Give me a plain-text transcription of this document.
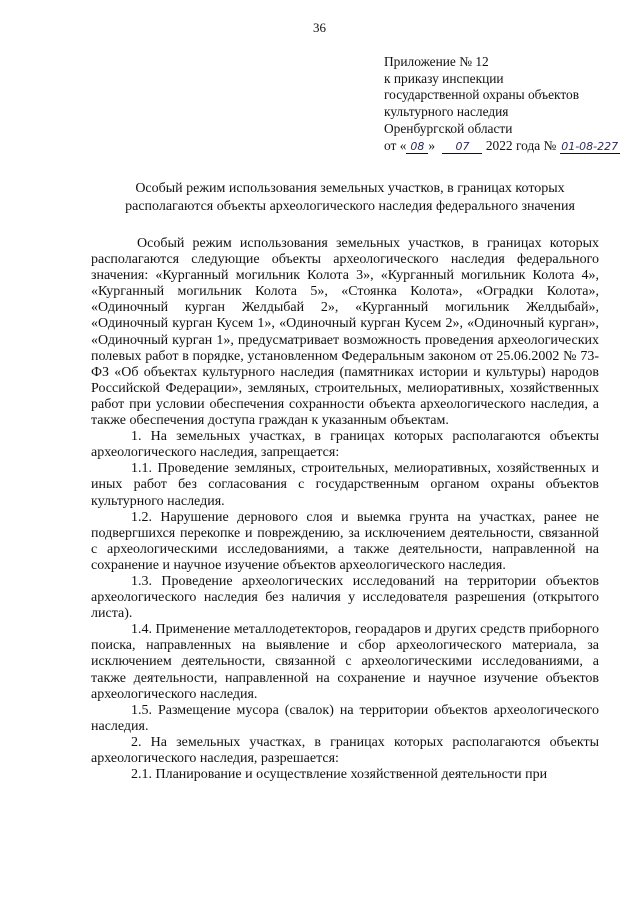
36
Приложение № 12
к приказу инспекции
государственной охраны объектов
культурного наследия
Оренбургской области
от « 08 » 07 2022 года № 01-08-227
Особый режим использования земельных участков, в границах которых располагаются объекты археологического наследия федерального значения

Особый режим использования земельных участков, в границах которых располагаются следующие объекты археологического наследия федерального значения: «Курганный могильник Колота 3», «Курганный могильник Колота 4», «Курганный могильник Колота 5», «Стоянка Колота», «Оградки Колота», «Одиночный курган Желдыбай 2», «Курганный могильник Желдыбай», «Одиночный курган Кусем 1», «Одиночный курган Кусем 2», «Одиночный курган», «Одиночный курган 1», предусматривает возможность проведения археологических полевых работ в порядке, установленном Федеральным законом от 25.06.2002 № 73-ФЗ «Об объектах культурного наследия (памятниках истории и культуры) народов Российской Федерации», земляных, строительных, мелиоративных, хозяйственных работ при условии обеспечения сохранности объекта археологического наследия, а также обеспечения доступа граждан к указанным объектам.

1. На земельных участках, в границах которых располагаются объекты археологического наследия, запрещается:

1.1. Проведение земляных, строительных, мелиоративных, хозяйственных и иных работ без согласования с государственным органом охраны объектов культурного наследия.

1.2. Нарушение дернового слоя и выемка грунта на участках, ранее не подвергшихся перекопке и повреждению, за исключением деятельности, связанной с археологическими исследованиями, а также деятельности, направленной на сохранение и научное изучение объектов археологического наследия.

1.3. Проведение археологических исследований на территории объектов археологического наследия без наличия у исследователя разрешения (открытого листа).

1.4. Применение металлодетекторов, георадаров и других средств приборного поиска, направленных на выявление и сбор археологического материала, за исключением деятельности, связанной с археологическими исследованиями, а также деятельности, направленной на сохранение и научное изучение объектов археологического наследия.

1.5. Размещение мусора (свалок) на территории объектов археологического наследия.

2. На земельных участках, в границах которых располагаются объекты археологического наследия, разрешается:

2.1. Планирование и осуществление хозяйственной деятельности при
